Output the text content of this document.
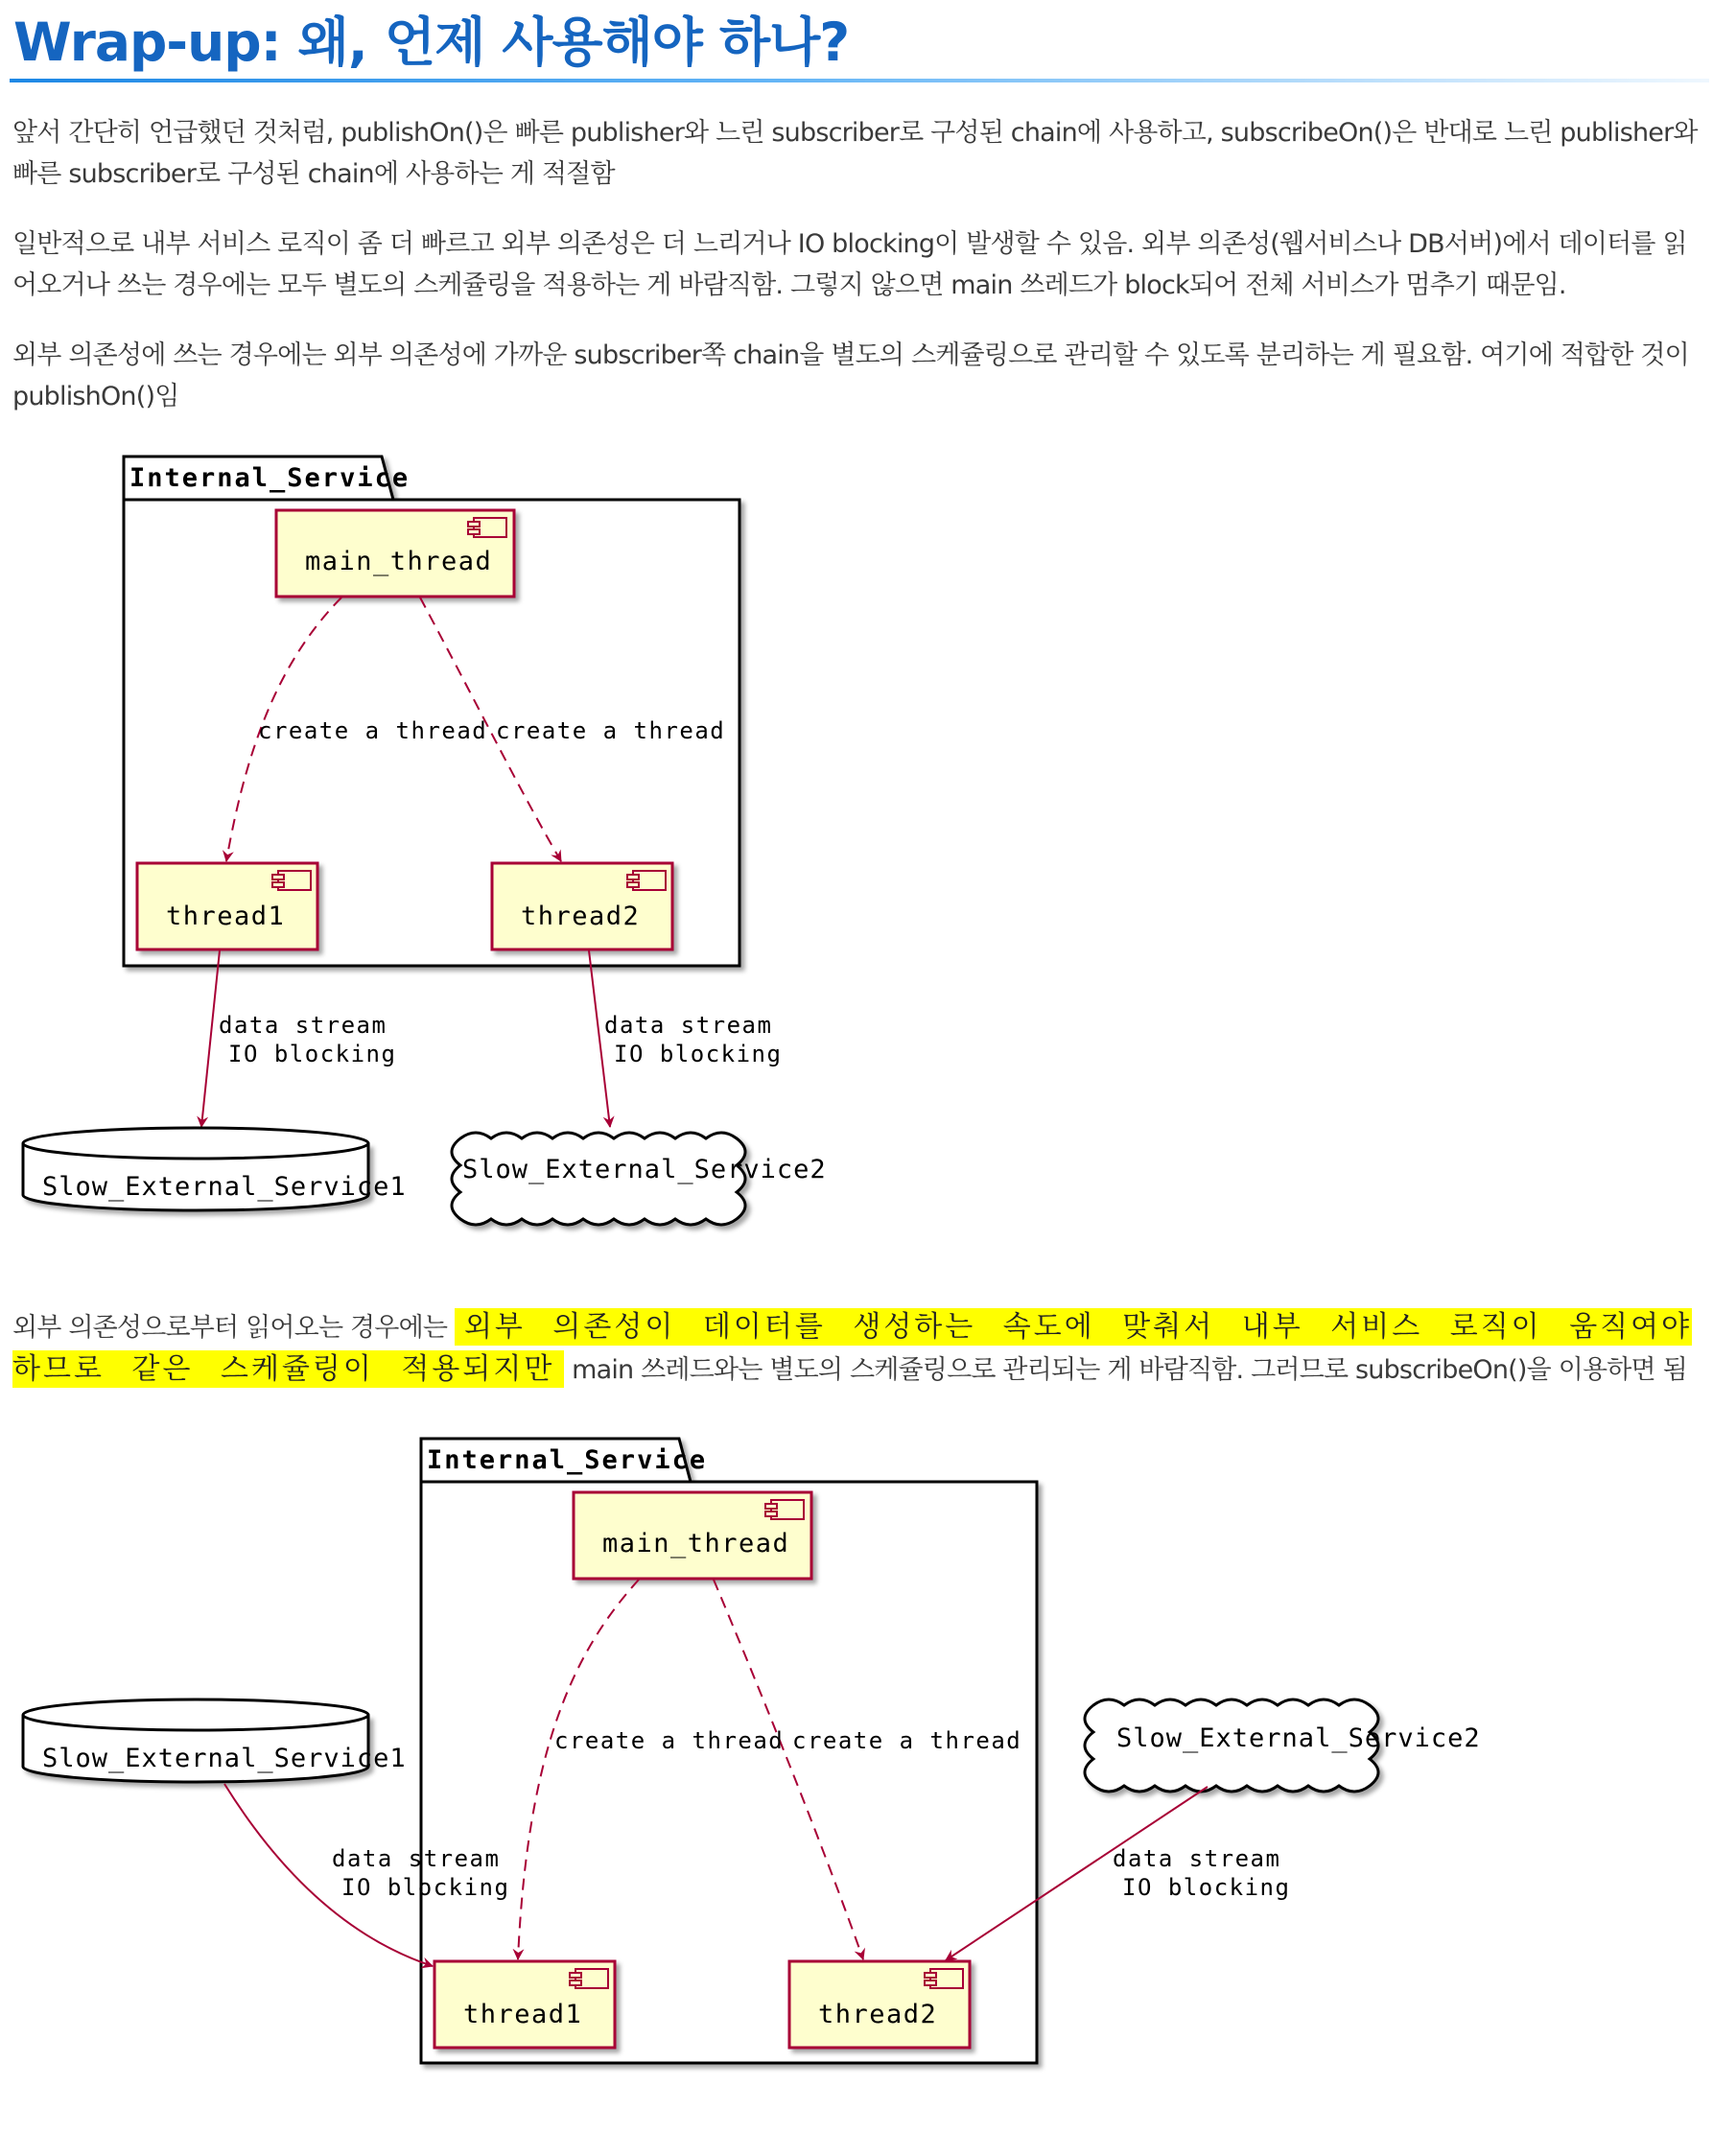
Wrap-up: 왜, 언제 사용해야 하나?

앞서 간단히 언급했던 것처럼, publishOn()은 빠른 publisher와 느린 subscriber로 구성된 chain에 사용하고, subscribeOn()은 반대로 느린 publisher와 빠른 subscriber로 구성된 chain에 사용하는 게 적절함

일반적으로 내부 서비스 로직이 좀 더 빠르고 외부 의존성은 더 느리거나 IO blocking이 발생할 수 있음. 외부 의존성(웹서비스나 DB서버)에서 데이터를 읽어오거나 쓰는 경우에는 모두 별도의 스케쥴링을 적용하는 게 바람직함. 그렇지 않으면 main 쓰레드가 block되어 전체 서비스가 멈추기 때문임.

외부 의존성에 쓰는 경우에는 외부 의존성에 가까운 subscriber쪽 chain을 별도의 스케쥴링으로 관리할 수 있도록 분리하는 게 필요함. 여기에 적합한 것이 publishOn()임

Internal_Service
main_thread
thread1	thread2
create a thread create a thread
data stream
IO blocking
data stream
IO blocking
Slow_External_Service1
Slow_External_Service2

외부 의존성으로부터 읽어오는 경우에는 외부 의존성이 데이터를 생성하는 속도에 맞춰서 내부 서비스 로직이 움직여야 하므로 같은 스케쥴링이 적용되지만 main 쓰레드와는 별도의 스케쥴링으로 관리되는 게 바람직함. 그러므로 subscribeOn()을 이용하면 됨

Internal_Service
main_thread
thread1	thread2
create a thread create a thread
Slow_External_Service1
Slow_External_Service2
data stream
IO blocking
data stream
IO blocking
